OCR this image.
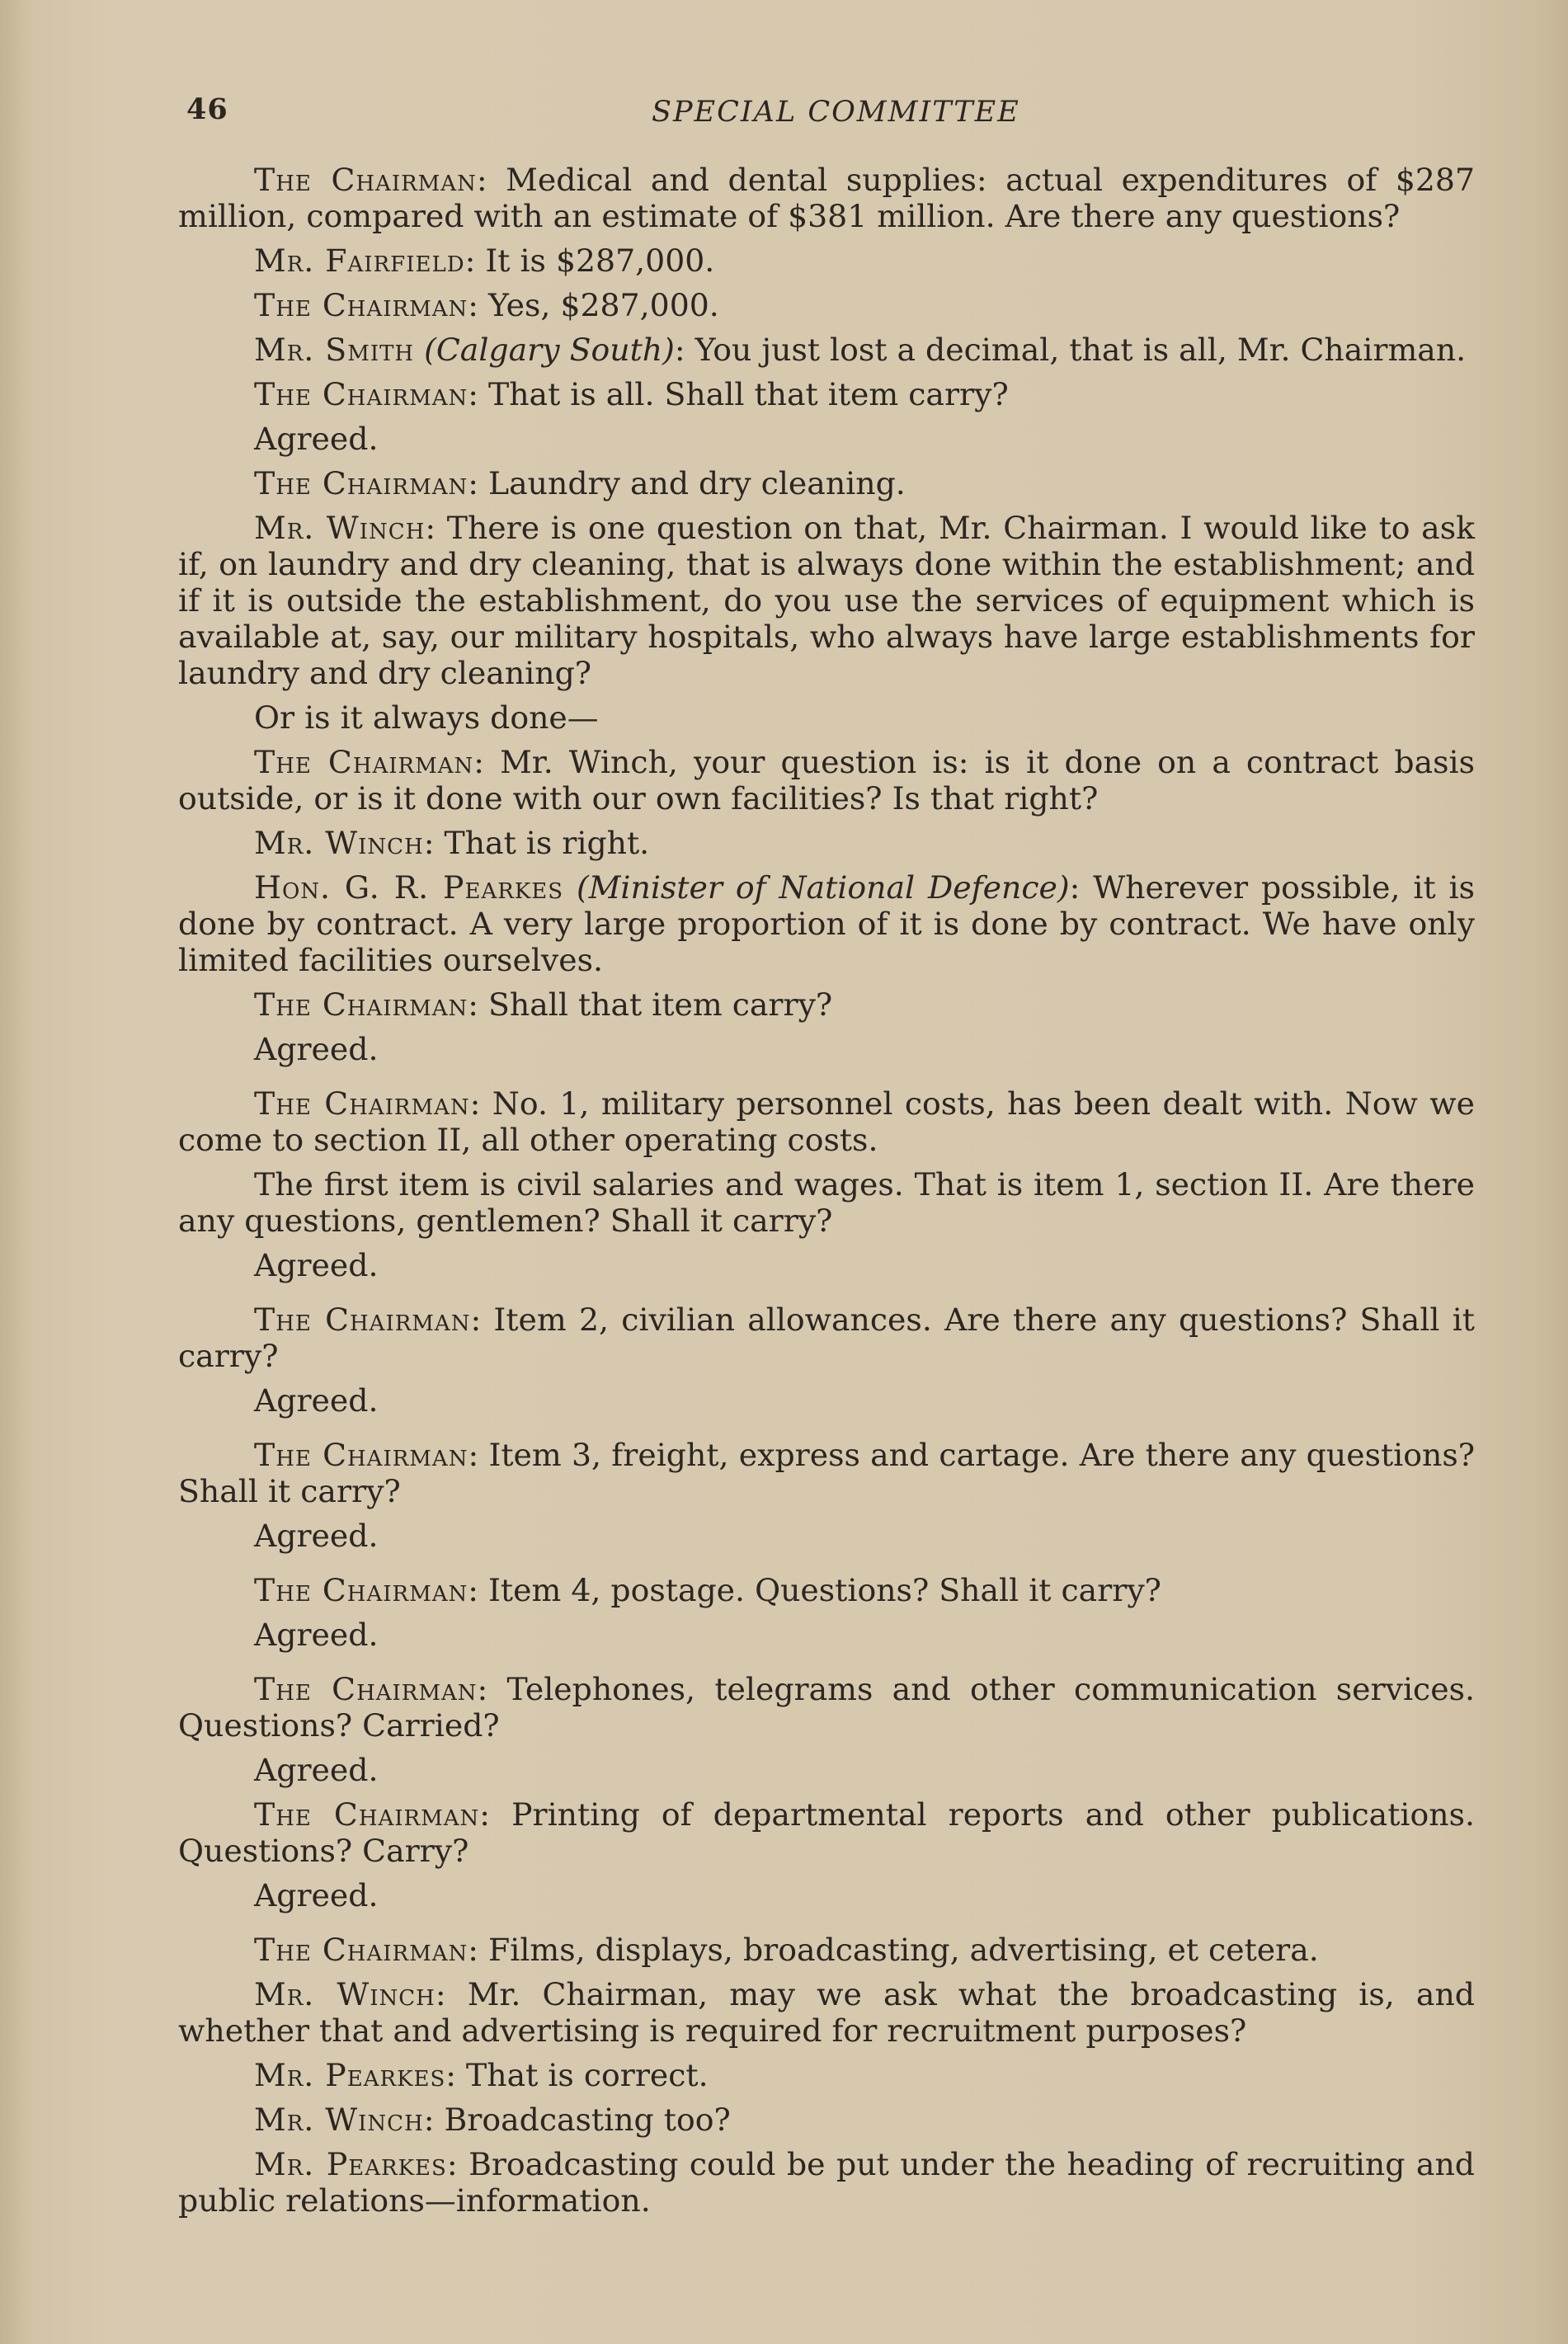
46	SPECIAL COMMITTEE

The Chairman: Medical and dental supplies: actual expenditures of $287 million, compared with an estimate of $381 million. Are there any questions?

Mr. Fairfield: It is $287,000.

The Chairman: Yes, $287,000.

Mr. Smith (Calgary South): You just lost a decimal, that is all, Mr. Chairman.

The Chairman: That is all. Shall that item carry?

Agreed.

The Chairman: Laundry and dry cleaning.

Mr. Winch: There is one question on that, Mr. Chairman. I would like to ask if, on laundry and dry cleaning, that is always done within the establishment; and if it is outside the establishment, do you use the services of equipment which is available at, say, our military hospitals, who always have large establishments for laundry and dry cleaning?

Or is it always done—

The Chairman: Mr. Winch, your question is: is it done on a contract basis outside, or is it done with our own facilities? Is that right?

Mr. Winch: That is right.

Hon. G. R. Pearkes (Minister of National Defence): Wherever possible, it is done by contract. A very large proportion of it is done by contract. We have only limited facilities ourselves.

The Chairman: Shall that item carry?

Agreed.

The Chairman: No. 1, military personnel costs, has been dealt with. Now we come to section II, all other operating costs.

The first item is civil salaries and wages. That is item 1, section II. Are there any questions, gentlemen? Shall it carry?

Agreed.

The Chairman: Item 2, civilian allowances. Are there any questions? Shall it carry?

Agreed.

The Chairman: Item 3, freight, express and cartage. Are there any questions? Shall it carry?

Agreed.

The Chairman: Item 4, postage. Questions? Shall it carry?

Agreed.

The Chairman: Telephones, telegrams and other communication services. Questions? Carried?

Agreed.

The Chairman: Printing of departmental reports and other publications. Questions? Carry?

Agreed.

The Chairman: Films, displays, broadcasting, advertising, et cetera.

Mr. Winch: Mr. Chairman, may we ask what the broadcasting is, and whether that and advertising is required for recruitment purposes?

Mr. Pearkes: That is correct.

Mr. Winch: Broadcasting too?

Mr. Pearkes: Broadcasting could be put under the heading of recruiting and public relations—information.
